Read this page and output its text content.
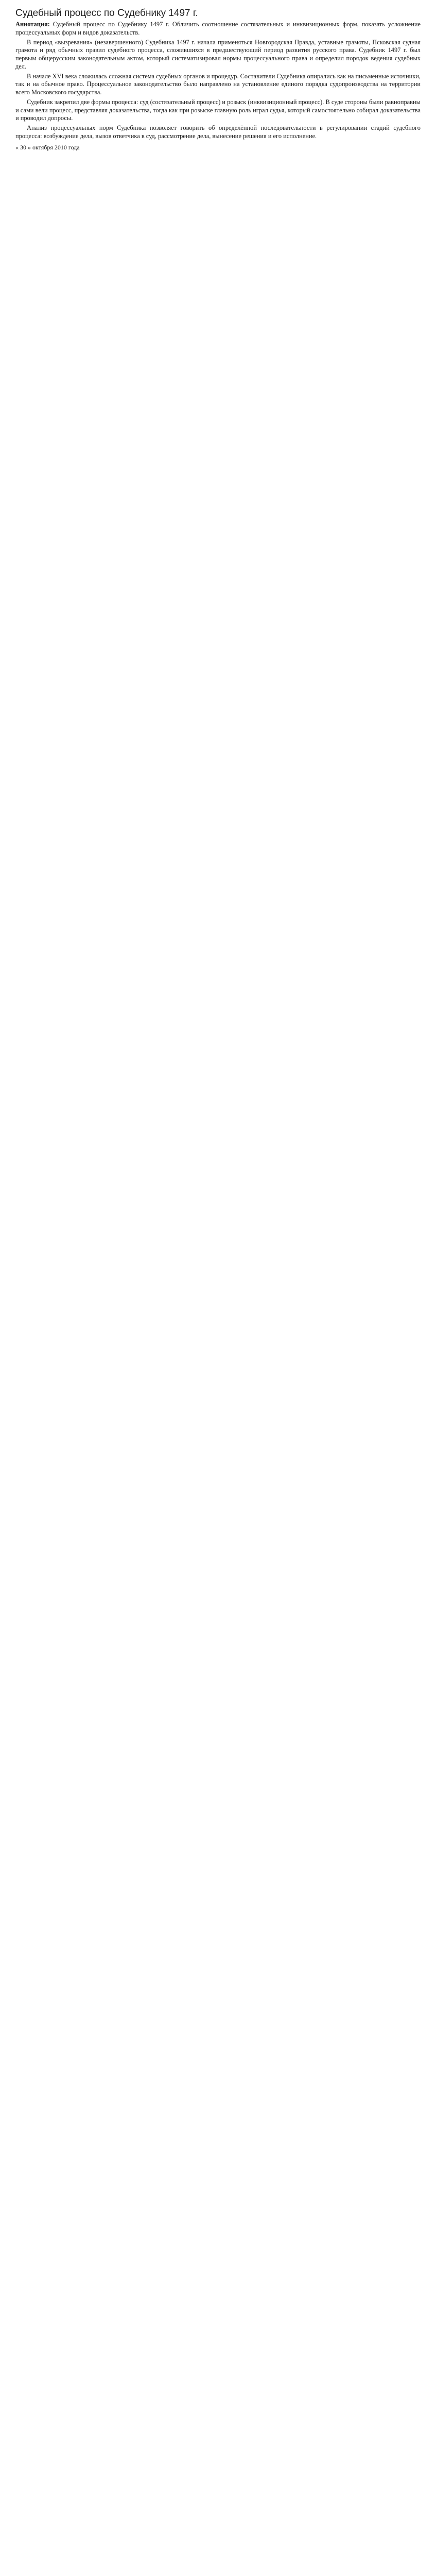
Судебный процесс по Судебнику 1497 г.

Аннотация: Судебный процесс по Судебнику 1497 г. Обличить соотношение состязательных и инквизиционных форм, показать усложнение процессуальных форм и видов доказательств.

В период «вызревания» (незавершенного) Судебника 1497 г. начала применяться Новгородская Правда, уставные грамоты, Псковская судная грамота и ряд обычных правил судебного процесса, сложившихся в предшествующий период развития русского права. Судебник 1497 г. был первым общерусским законодательным актом, который систематизировал нормы процессуального права и определил порядок ведения судебных дел.

В начале XVI века сложилась сложная система судебных органов и процедур. Составители Судебника опирались как на письменные источники, так и на обычное право. Процессуальное законодательство было направлено на установление единого порядка судопроизводства на территории всего Московского государства.

Судебник закрепил две формы процесса: суд (состязательный процесс) и розыск (инквизиционный процесс). В суде стороны были равноправны и сами вели процесс, представляя доказательства, тогда как при розыске главную роль играл судья, который самостоятельно собирал доказательства и проводил допросы.

Анализ процессуальных норм Судебника позволяет говорить об определённой последовательности в регулировании стадий судебного процесса: возбуждение дела, вызов ответчика в суд, рассмотрение дела, вынесение решения и его исполнение.

« 30 » октября 2010 года
